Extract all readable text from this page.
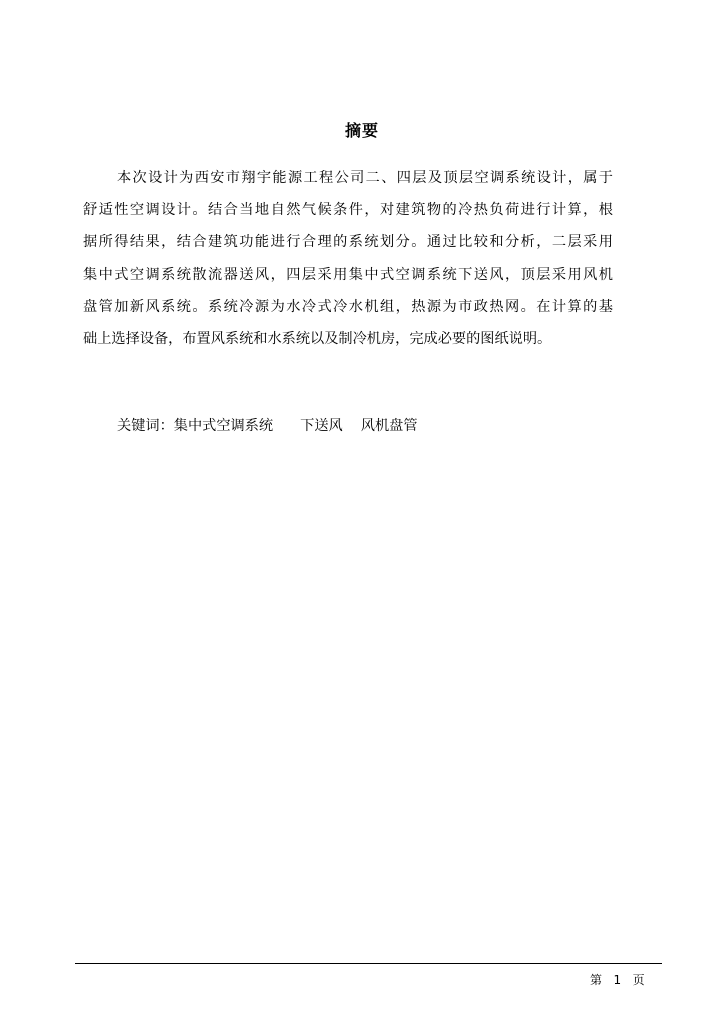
摘要
本次设计为西安市翔宇能源工程公司二、四层及顶层空调系统设计，属于
舒适性空调设计。结合当地自然气候条件，对建筑物的冷热负荷进行计算，根
据所得结果，结合建筑功能进行合理的系统划分。通过比较和分析，二层采用
集中式空调系统散流器送风，四层采用集中式空调系统下送风，顶层采用风机
盘管加新风系统。系统冷源为水冷式冷水机组，热源为市政热网。在计算的基
础上选择设备，布置风系统和水系统以及制冷机房，完成必要的图纸说明。
关键词：集中式空调系统 下送风 风机盘管
第 1 页
